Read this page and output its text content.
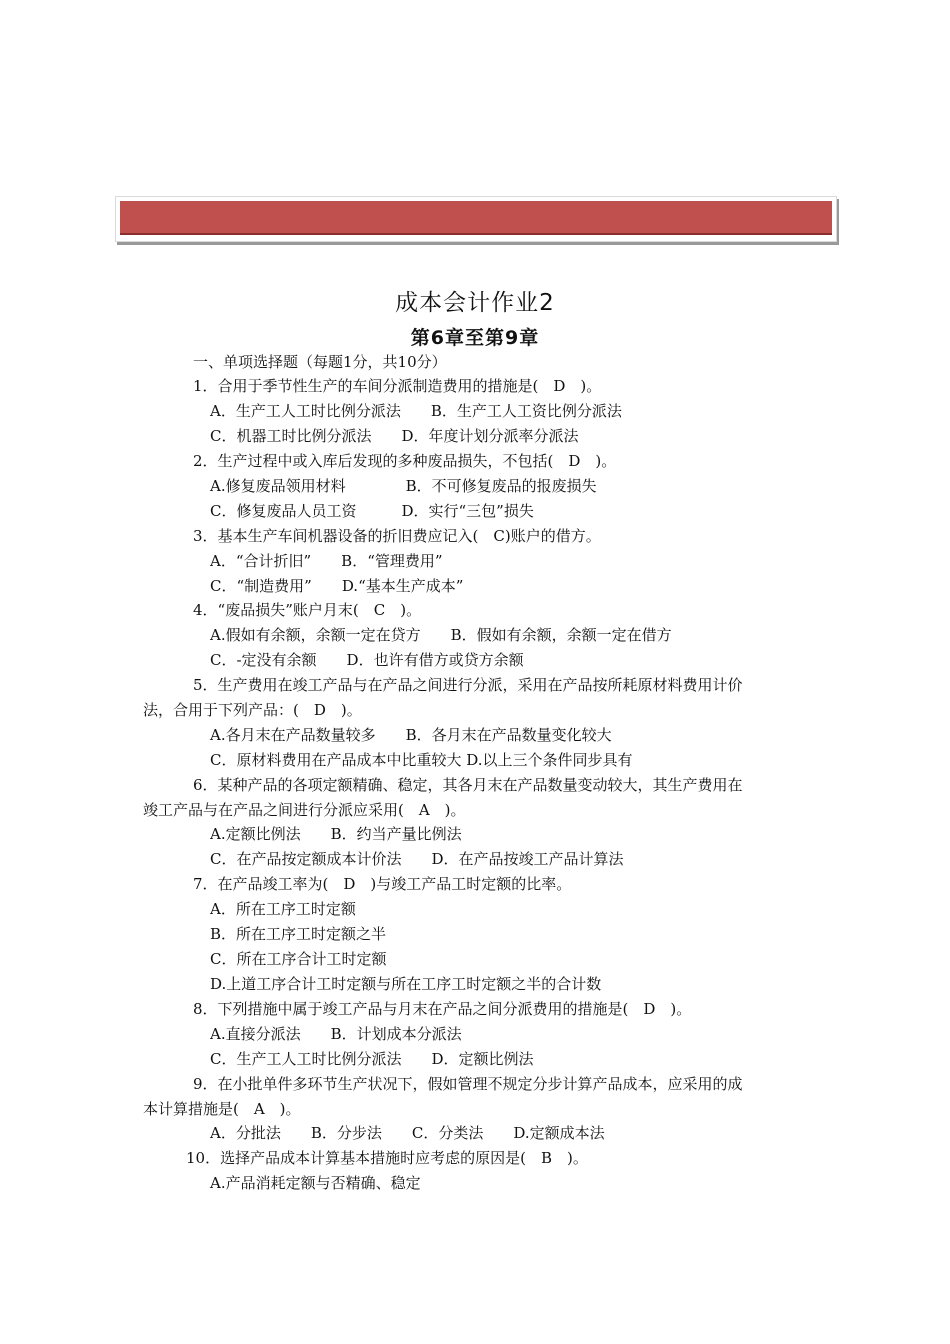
成本会计作业2
第6章至第9章
一、单项选择题（每题1分，共10分）
1．合用于季节性生产的车间分派制造费用的措施是(　D　)。
A．生产工人工时比例分派法　　B．生产工人工资比例分派法
C．机器工时比例分派法　　D．年度计划分派率分派法
2．生产过程中或入库后发现的多种废品损失，不包括(　D　)。
A.修复废品领用材料　　　　B．不可修复废品的报废损失
C．修复废品人员工资　　　D．实行“三包”损失
3．基本生产车间机器设备的折旧费应记入(　C)账户的借方。
A．“合计折旧”　　B．“管理费用”
C．“制造费用”　　D.“基本生产成本”
4．“废品损失”账户月末(　C　)。
A.假如有余额，余额一定在贷方　　B．假如有余额，余额一定在借方
C．-定没有余额　　D．也许有借方或贷方余额
5．生产费用在竣工产品与在产品之间进行分派，采用在产品按所耗原材料费用计价
法，合用于下列产品：(　D　)。
A.各月末在产品数量较多　　B．各月末在产品数量变化较大
C．原材料费用在产品成本中比重较大 D.以上三个条件同步具有
6．某种产品的各项定额精确、稳定，其各月末在产品数量变动较大，其生产费用在
竣工产品与在产品之间进行分派应采用(　A　)。
A.定额比例法　　B．约当产量比例法
C．在产品按定额成本计价法　　D．在产品按竣工产品计算法
7．在产品竣工率为(　D　)与竣工产品工时定额的比率。
A．所在工序工时定额
B．所在工序工时定额之半
C．所在工序合计工时定额
D.上道工序合计工时定额与所在工序工时定额之半的合计数
8．下列措施中属于竣工产品与月末在产品之间分派费用的措施是(　D　)。
A.直接分派法　　B．计划成本分派法
C．生产工人工时比例分派法　　D．定额比例法
9．在小批单件多环节生产状况下，假如管理不规定分步计算产品成本，应采用的成
本计算措施是(　A　)。
A．分批法　　B．分步法　　C．分类法　　D.定额成本法
10．选择产品成本计算基本措施时应考虑的原因是(　B　)。
A.产品消耗定额与否精确、稳定
